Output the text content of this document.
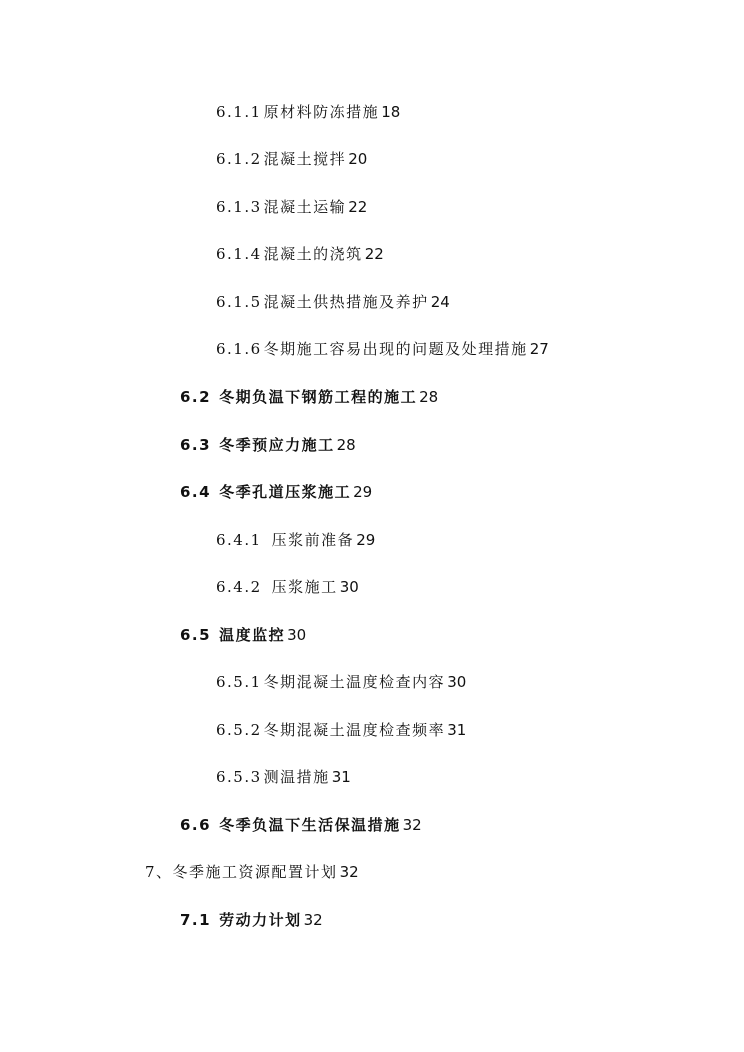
6.1.1 原材料防冻措施 18
6.1.2 混凝土搅拌 20
6.1.3 混凝土运输 22
6.1.4 混凝土的浇筑 22
6.1.5 混凝土供热措施及养护 24
6.1.6 冬期施工容易出现的问题及处理措施 27
6.2 冬期负温下钢筋工程的施工 28
6.3 冬季预应力施工 28
6.4 冬季孔道压浆施工 29
6.4.1 压浆前准备 29
6.4.2 压浆施工 30
6.5 温度监控 30
6.5.1 冬期混凝土温度检查内容 30
6.5.2 冬期混凝土温度检查频率 31
6.5.3 测温措施 31
6.6 冬季负温下生活保温措施 32
7、冬季施工资源配置计划 32
7.1 劳动力计划 32
